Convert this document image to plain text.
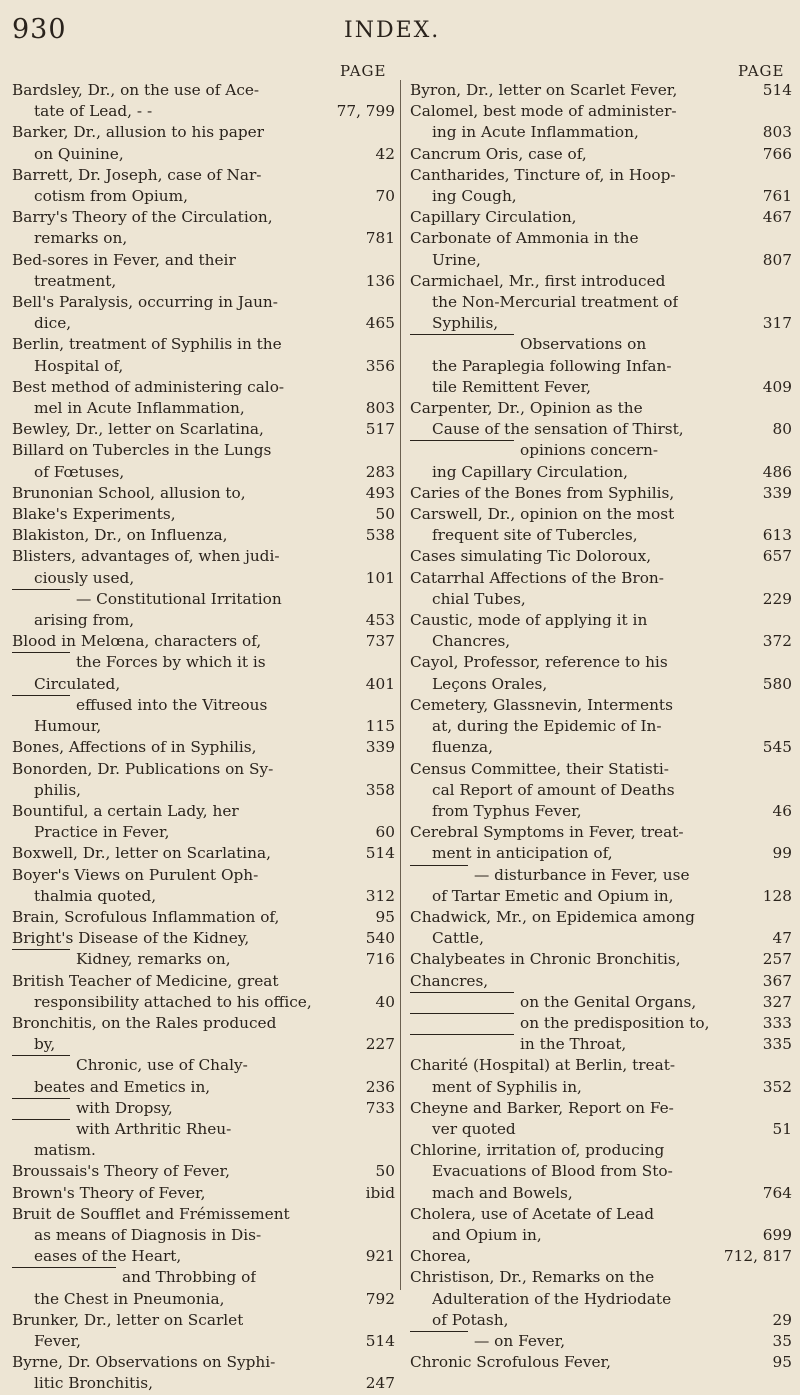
930	INDEX.
PAGE	PAGE
Bardsley, Dr., on the use of Ace-
tate of Lead, - -	77, 799
Barker, Dr., allusion to his paper
on Quinine,	42
Barrett, Dr. Joseph, case of Nar-
cotism from Opium,	70
Barry's Theory of the Circulation,
remarks on,	781
Bed-sores in Fever, and their
treatment,	136
Bell's Paralysis, occurring in Jaun-
dice,	465
Berlin, treatment of Syphilis in the
Hospital of,	356
Best method of administering calo-
mel in Acute Inflammation,	803
Bewley, Dr., letter on Scarlatina,	517
Billard on Tubercles in the Lungs
of Fœtuses,	283
Brunonian School, allusion to,	493
Blake's Experiments,	50
Blakiston, Dr., on Influenza,	538
Blisters, advantages of, when judi-
ciously used,	101
— Constitutional Irritation
arising from,	453
Blood in Melœna, characters of,	737
the Forces by which it is
Circulated,	401
effused into the Vitreous
Humour,	115
Bones, Affections of in Syphilis,	339
Bonorden, Dr. Publications on Sy-
philis,	358
Bountiful, a certain Lady, her
Practice in Fever,	60
Boxwell, Dr., letter on Scarlatina,	514
Boyer's Views on Purulent Oph-
thalmia quoted,	312
Brain, Scrofulous Inflammation of,	95
Bright's Disease of the Kidney,	540
Kidney, remarks on,	716
British Teacher of Medicine, great
responsibility attached to his office,	40
Bronchitis, on the Rales produced
by,	227
Chronic, use of Chaly-
beates and Emetics in,	236
with Dropsy,	733
with Arthritic Rheu-
matism.
Broussais's Theory of Fever,	50
Brown's Theory of Fever,	ibid
Bruit de Soufflet and Frémissement
as means of Diagnosis in Dis-
eases of the Heart,	921
and Throbbing of
the Chest in Pneumonia,	792
Brunker, Dr., letter on Scarlet
Fever,	514
Byrne, Dr. Observations on Syphi-
litic Bronchitis,	247
Byron, Dr., letter on Scarlet Fever,	514
Calomel, best mode of administer-
ing in Acute Inflammation,	803
Cancrum Oris, case of,	766
Cantharides, Tincture of, in Hoop-
ing Cough,	761
Capillary Circulation,	467
Carbonate of Ammonia in the
Urine,	807
Carmichael, Mr., first introduced
the Non-Mercurial treatment of
Syphilis,	317
Observations on
the Paraplegia following Infan-
tile Remittent Fever,	409
Carpenter, Dr., Opinion as the
Cause of the sensation of Thirst,	80
opinions concern-
ing Capillary Circulation,	486
Caries of the Bones from Syphilis,	339
Carswell, Dr., opinion on the most
frequent site of Tubercles,	613
Cases simulating Tic Doloroux,	657
Catarrhal Affections of the Bron-
chial Tubes,	229
Caustic, mode of applying it in
Chancres,	372
Cayol, Professor, reference to his
Leçons Orales,	580
Cemetery, Glassnevin, Interments
at, during the Epidemic of In-
fluenza,	545
Census Committee, their Statisti-
cal Report of amount of Deaths
from Typhus Fever,	46
Cerebral Symptoms in Fever, treat-
ment in anticipation of,	99
— disturbance in Fever, use
of Tartar Emetic and Opium in,	128
Chadwick, Mr., on Epidemica among
Cattle,	47
Chalybeates in Chronic Bronchitis,	257
Chancres,	367
on the Genital Organs,	327
on the predisposition to,	333
in the Throat,	335
Charité (Hospital) at Berlin, treat-
ment of Syphilis in,	352
Cheyne and Barker, Report on Fe-
ver quoted	51
Chlorine, irritation of, producing
Evacuations of Blood from Sto-
mach and Bowels,	764
Cholera, use of Acetate of Lead
and Opium in,	699
Chorea,	712, 817
Christison, Dr., Remarks on the
Adulteration of the Hydriodate
of Potash,	29
— on Fever,	35
Chronic Scrofulous Fever,	95
